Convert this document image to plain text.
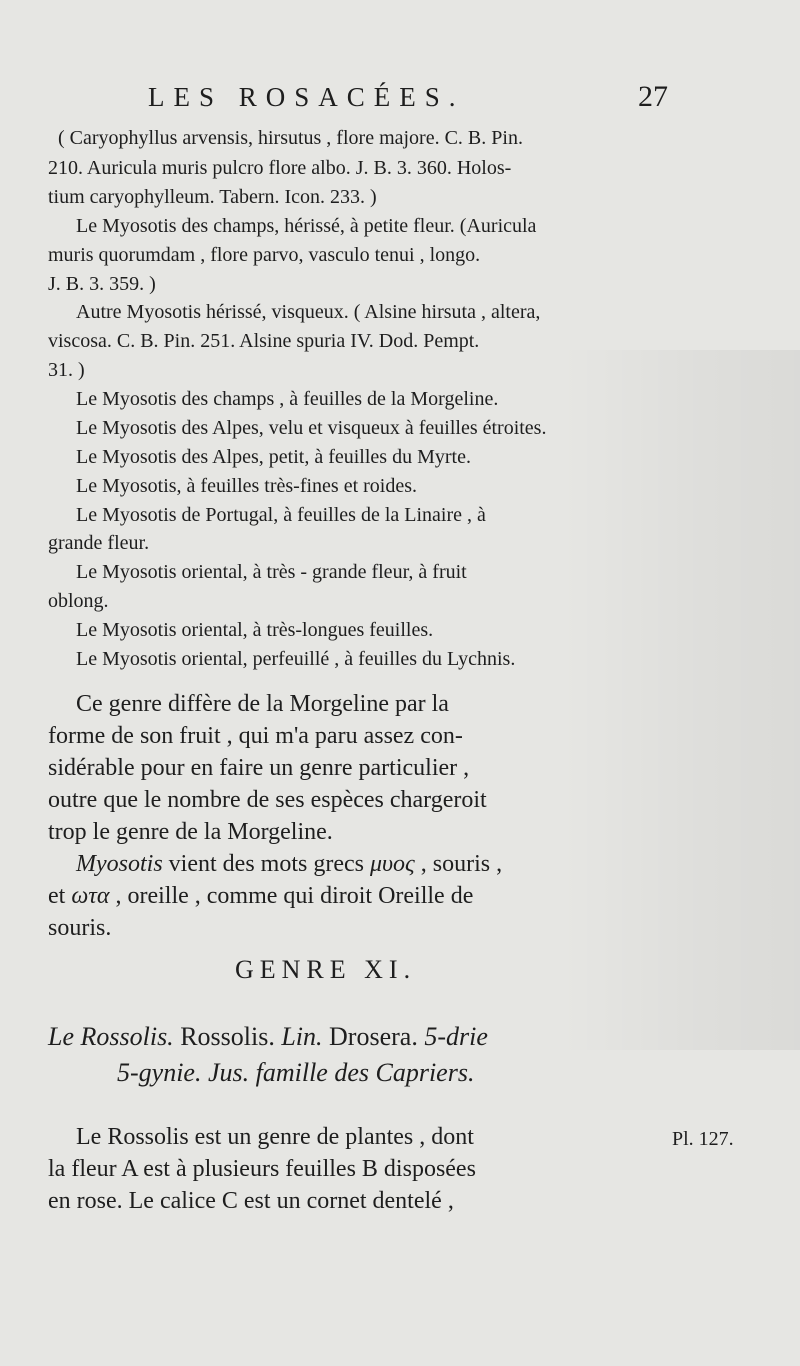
LES ROSACÉES.	27
( Caryophyllus arvensis, hirsutus , flore majore. C. B. Pin.
210. Auricula muris pulcro flore albo. J. B. 3. 360. Holos-
tium caryophylleum. Tabern. Icon. 233. )
Le Myosotis des champs, hérissé, à petite fleur. (Auricula
muris quorumdam , flore parvo, vasculo tenui , longo.
J. B. 3. 359. )
Autre Myosotis hérissé, visqueux. ( Alsine hirsuta , altera,
viscosa. C. B. Pin. 251. Alsine spuria IV. Dod. Pempt.
31. )
Le Myosotis des champs , à feuilles de la Morgeline.
Le Myosotis des Alpes, velu et visqueux à feuilles étroites.
Le Myosotis des Alpes, petit, à feuilles du Myrte.
Le Myosotis, à feuilles très-fines et roides.
Le Myosotis de Portugal, à feuilles de la Linaire , à
grande fleur.
Le Myosotis oriental, à très - grande fleur, à fruit
oblong.
Le Myosotis oriental, à très-longues feuilles.
Le Myosotis oriental, perfeuillé , à feuilles du Lychnis.
Ce genre diffère de la Morgeline par la
forme de son fruit , qui m'a paru assez con-
sidérable pour en faire un genre particulier ,
outre que le nombre de ses espèces chargeroit
trop le genre de la Morgeline.
Myosotis vient des mots grecs μυος , souris ,
et ωτα , oreille , comme qui diroit Oreille de
souris.
GENRE XI.
Le Rossolis. Rossolis. Lin. Drosera. 5-drie
5-gynie. Jus. famille des Capriers.
Le Rossolis est un genre de plantes , dont
la fleur A est à plusieurs feuilles B disposées
en rose. Le calice C est un cornet dentelé ,
Pl. 127.
